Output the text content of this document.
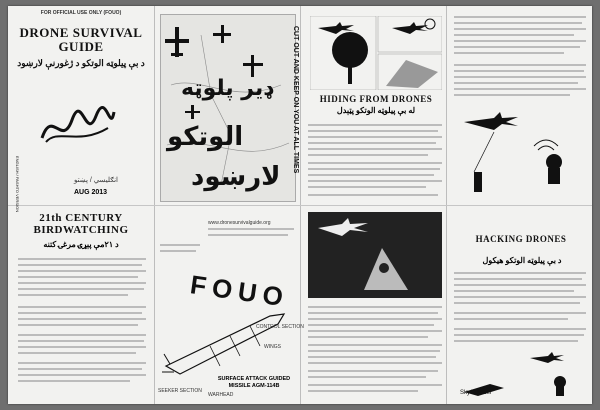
FOR OFFICIAL USE ONLY (FOUO)
DRONE SURVIVAL GUIDE
د بې پیلوټه الوتکو د ژغورنې لارښود
ENGLISH / PASHTO VERSION	انګلیسي / پښتو
AUG 2013
ډیر پلوټه
الوتکو
لارښود
CUT OUT AND KEEP ON YOU AT ALL TIMES	HIDING FROM DRONES
له بې پیلوټه الوتکو پټېدل
21th CENTURY BIRDWATCHING
د ۲۱مې پېړۍ مرغۍ کتنه
www.dronesurvivalguide.org
FOUO
CONTROL SECTION
WINGS
SEEKER SECTION
WARHEAD
SURFACE ATTACK GUIDED MISSILE AGM-114B
HACKING DRONES
د بې پیلوټه الوتکو هیکول
SkyGrabber
